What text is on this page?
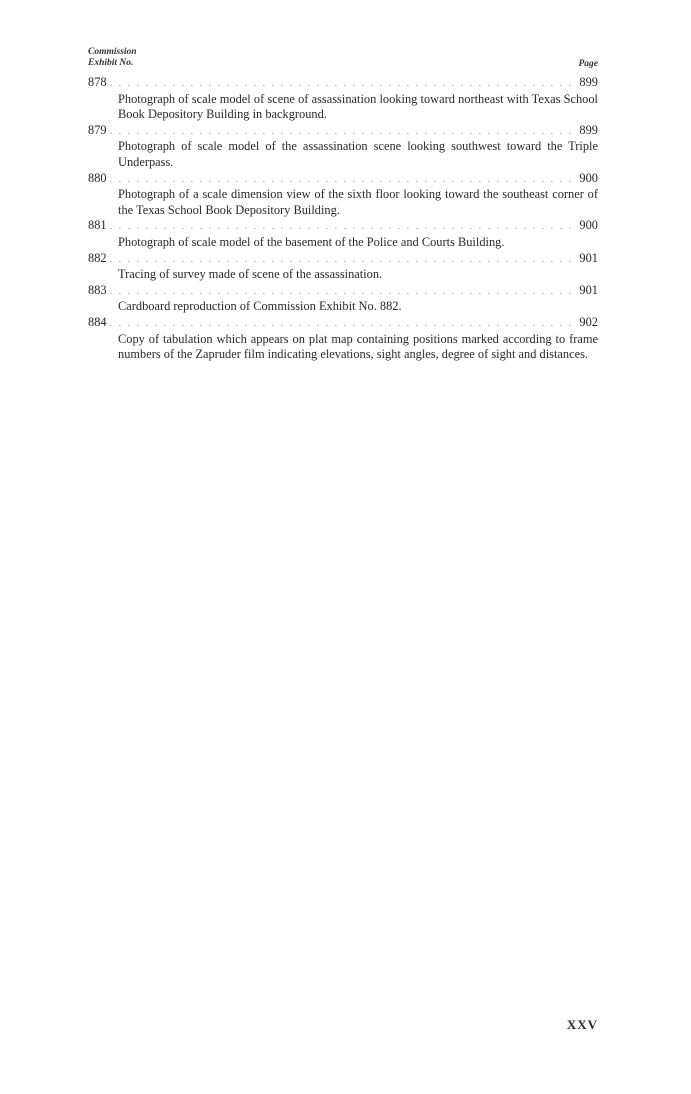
Commission
Exhibit No.	Page
878 . . .	899
Photograph of scale model of scene of assassination looking toward northeast with Texas School Book Depository Building in background.
879 . . .	899
Photograph of scale model of the assassination scene looking southwest toward the Triple Underpass.
880 . . .	900
Photograph of a scale dimension view of the sixth floor looking toward the southeast corner of the Texas School Book Depository Building.
881 . . .	900
Photograph of scale model of the basement of the Police and Courts Building.
882 . . .	901
Tracing of survey made of scene of the assassination.
883 . . .	901
Cardboard reproduction of Commission Exhibit No. 882.
884 . . .	902
Copy of tabulation which appears on plat map containing positions marked according to frame numbers of the Zapruder film indicating elevations, sight angles, degree of sight and distances.
XXV
